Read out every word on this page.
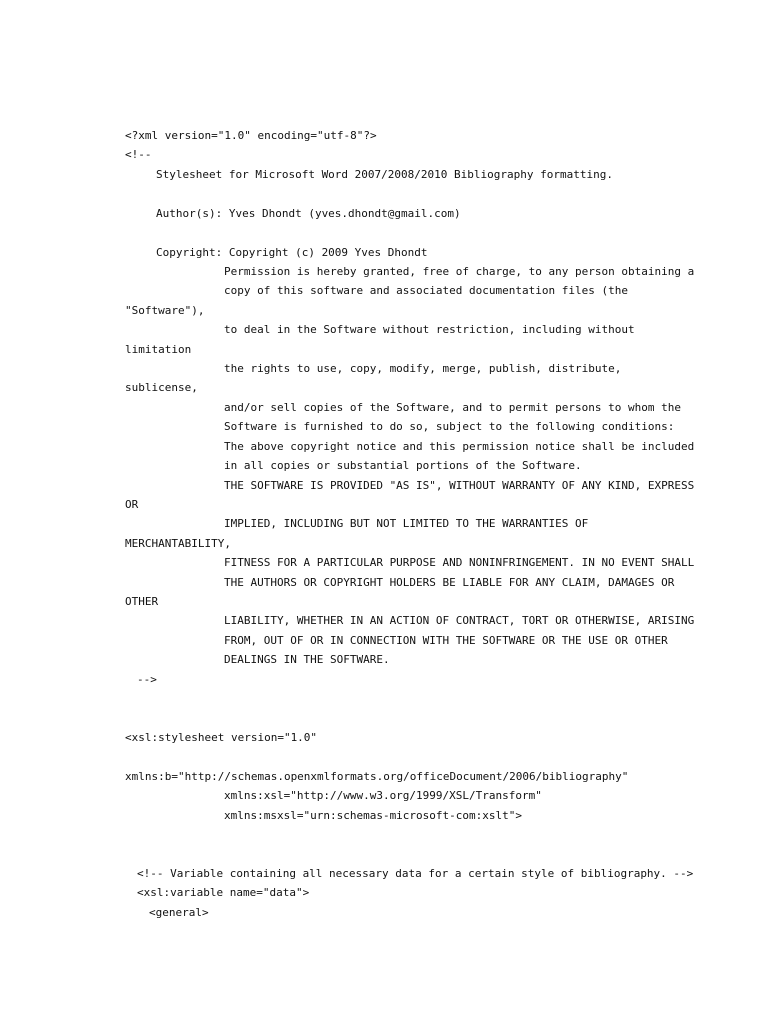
<?xml version="1.0" encoding="utf-8"?>
<!--
Stylesheet for Microsoft Word 2007/2008/2010 Bibliography formatting.
Author(s): Yves Dhondt (yves.dhondt@gmail.com)
Copyright: Copyright (c) 2009 Yves Dhondt
Permission is hereby granted, free of charge, to any person obtaining a
copy of this software and associated documentation files (the
"Software"),
to deal in the Software without restriction, including without
limitation
the rights to use, copy, modify, merge, publish, distribute,
sublicense,
and/or sell copies of the Software, and to permit persons to whom the
Software is furnished to do so, subject to the following conditions:
The above copyright notice and this permission notice shall be included
in all copies or substantial portions of the Software.
THE SOFTWARE IS PROVIDED "AS IS", WITHOUT WARRANTY OF ANY KIND, EXPRESS
OR
IMPLIED, INCLUDING BUT NOT LIMITED TO THE WARRANTIES OF
MERCHANTABILITY,
FITNESS FOR A PARTICULAR PURPOSE AND NONINFRINGEMENT. IN NO EVENT SHALL
THE AUTHORS OR COPYRIGHT HOLDERS BE LIABLE FOR ANY CLAIM, DAMAGES OR
OTHER
LIABILITY, WHETHER IN AN ACTION OF CONTRACT, TORT OR OTHERWISE, ARISING
FROM, OUT OF OR IN CONNECTION WITH THE SOFTWARE OR THE USE OR OTHER
DEALINGS IN THE SOFTWARE.
-->
<xsl:stylesheet version="1.0"
xmlns:b="http://schemas.openxmlformats.org/officeDocument/2006/bibliography"
xmlns:xsl="http://www.w3.org/1999/XSL/Transform"
xmlns:msxsl="urn:schemas-microsoft-com:xslt">
<!-- Variable containing all necessary data for a certain style of bibliography. -->
<xsl:variable name="data">
<general>
